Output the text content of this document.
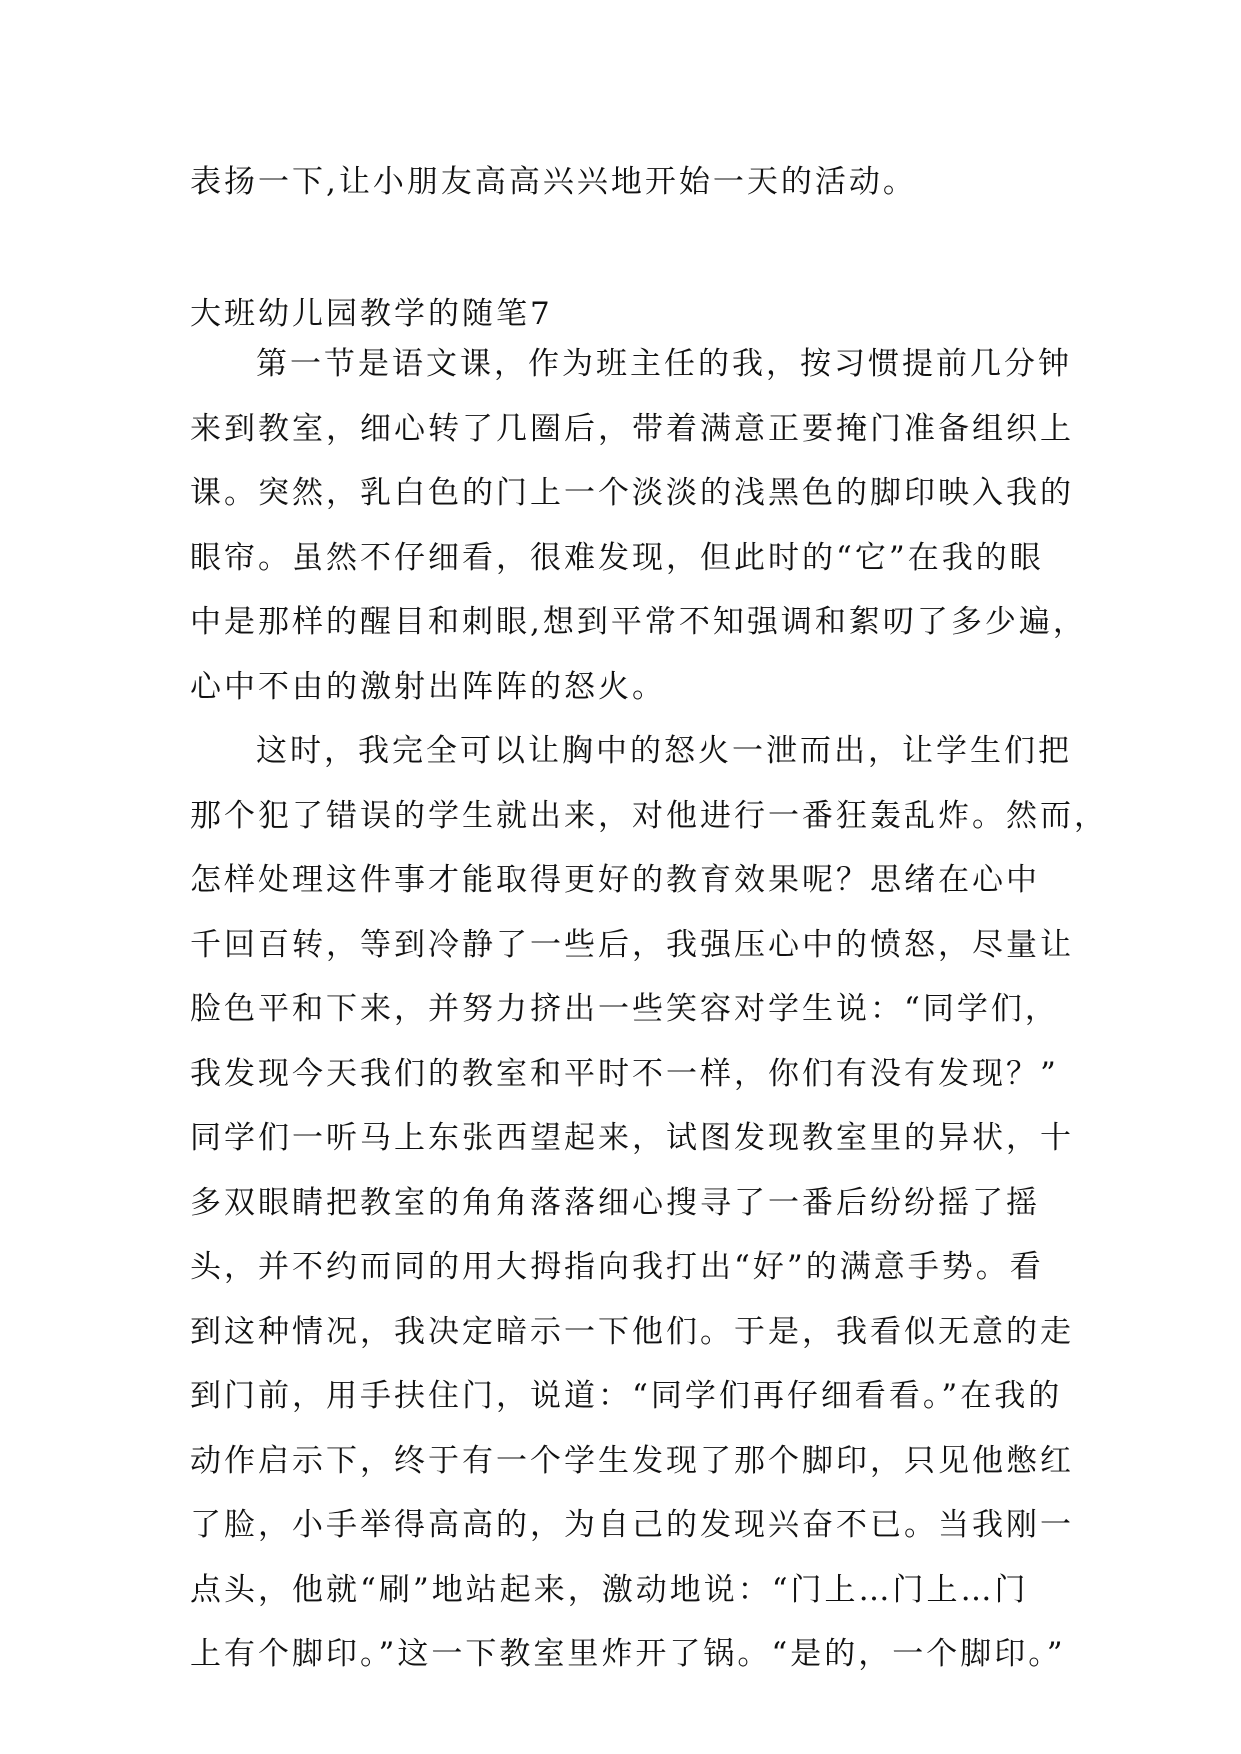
表扬一下,让小朋友高高兴兴地开始一天的活动。
大班幼儿园教学的随笔7
第一节是语文课，作为班主任的我，按习惯提前几分钟
来到教室，细心转了几圈后，带着满意正要掩门准备组织上
课。突然，乳白色的门上一个淡淡的浅黑色的脚印映入我的
眼帘。虽然不仔细看，很难发现，但此时的“它”在我的眼
中是那样的醒目和刺眼,想到平常不知强调和絮叨了多少遍，
心中不由的激射出阵阵的怒火。
这时，我完全可以让胸中的怒火一泄而出，让学生们把
那个犯了错误的学生就出来，对他进行一番狂轰乱炸。然而，
怎样处理这件事才能取得更好的教育效果呢？思绪在心中
千回百转，等到冷静了一些后，我强压心中的愤怒，尽量让
脸色平和下来，并努力挤出一些笑容对学生说：“同学们，
我发现今天我们的教室和平时不一样，你们有没有发现？”
同学们一听马上东张西望起来，试图发现教室里的异状，十
多双眼睛把教室的角角落落细心搜寻了一番后纷纷摇了摇
头，并不约而同的用大拇指向我打出“好”的满意手势。看
到这种情况，我决定暗示一下他们。于是，我看似无意的走
到门前，用手扶住门，说道：“同学们再仔细看看。”在我的
动作启示下，终于有一个学生发现了那个脚印，只见他憋红
了脸，小手举得高高的，为自己的发现兴奋不已。当我刚一
点头，他就“刷”地站起来，激动地说：“门上…门上…门
上有个脚印。”这一下教室里炸开了锅。“是的，一个脚印。”
